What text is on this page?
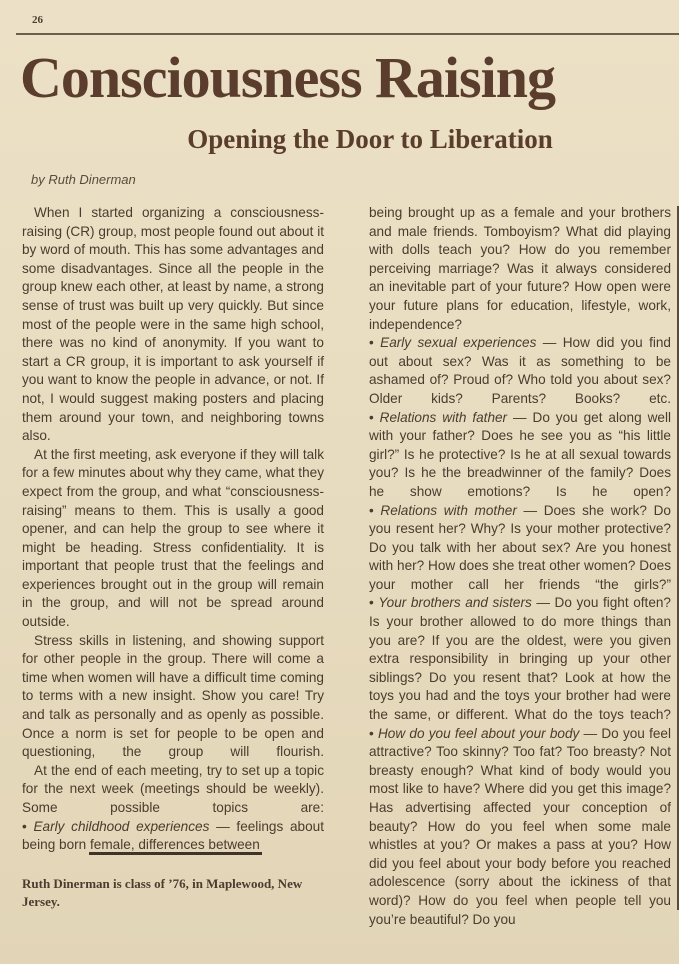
26
Consciousness Raising
Opening the Door to Liberation
by Ruth Dinerman

When I started organizing a consciousness-raising (CR) group, most people found out about it by word of mouth. This has some advantages and some disadvantages. Since all the people in the group knew each other, at least by name, a strong sense of trust was built up very quickly. But since most of the people were in the same high school, there was no kind of anonymity. If you want to start a CR group, it is important to ask yourself if you want to know the people in advance, or not. If not, I would suggest making posters and placing them around your town, and neighboring towns also.

At the first meeting, ask everyone if they will talk for a few minutes about why they came, what they expect from the group, and what “consciousness-raising” means to them. This is usally a good opener, and can help the group to see where it might be heading. Stress confidentiality. It is important that people trust that the feelings and experiences brought out in the group will remain in the group, and will not be spread around outside.

Stress skills in listening, and showing support for other people in the group. There will come a time when women will have a difficult time coming to terms with a new insight. Show you care! Try and talk as personally and as openly as possible. Once a norm is set for people to be open and questioning, the group will flourish.

At the end of each meeting, try to set up a topic for the next week (meetings should be weekly). Some possible topics are:

• Early childhood experiences — feelings about being born female, differences between

Ruth Dinerman is class of ’76, in Maplewood, New Jersey.

being brought up as a female and your brothers and male friends. Tomboyism? What did playing with dolls teach you? How do you remember perceiving marriage? Was it always considered an inevitable part of your future? How open were your future plans for education, lifestyle, work, independence?

• Early sexual experiences — How did you find out about sex? Was it as something to be ashamed of? Proud of? Who told you about sex? Older kids? Parents? Books? etc.

• Relations with father — Do you get along well with your father? Does he see you as “his little girl?” Is he protective? Is he at all sexual towards you? Is he the breadwinner of the family? Does he show emotions? Is he open?

• Relations with mother — Does she work? Do you resent her? Why? Is your mother protective? Do you talk with her about sex? Are you honest with her? How does she treat other women? Does your mother call her friends “the girls?”

• Your brothers and sisters — Do you fight often? Is your brother allowed to do more things than you are? If you are the oldest, were you given extra responsibility in bringing up your other siblings? Do you resent that? Look at how the toys you had and the toys your brother had were the same, or different. What do the toys teach?

• How do you feel about your body — Do you feel attractive? Too skinny? Too fat? Too breasty? Not breasty enough? What kind of body would you most like to have? Where did you get this image? Has advertising affected your conception of beauty? How do you feel when some male whistles at you? Or makes a pass at you? How did you feel about your body before you reached adolescence (sorry about the ickiness of that word)? How do you feel when people tell you you’re beautiful? Do you
